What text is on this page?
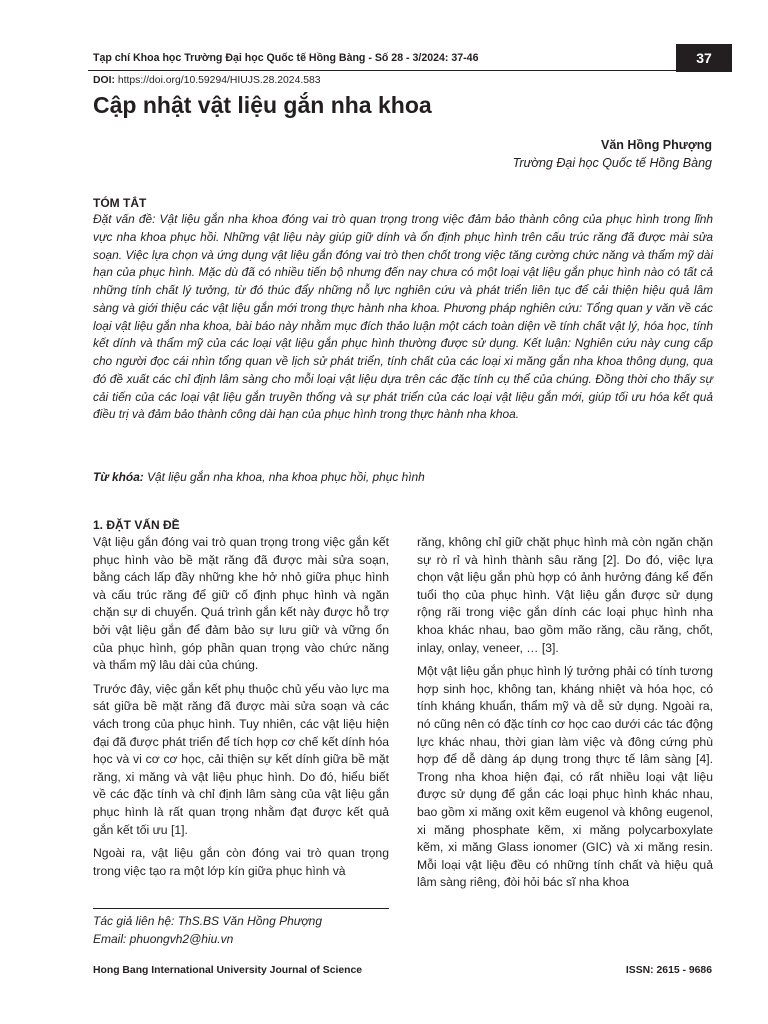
Tạp chí Khoa học Trường Đại học Quốc tế Hồng Bàng - Số 28 - 3/2024: 37-46	37
DOI: https://doi.org/10.59294/HIUJS.28.2024.583
Cập nhật vật liệu gắn nha khoa
Văn Hồng Phượng
Trường Đại học Quốc tế Hồng Bàng
TÓM TẮT
Đặt vấn đề: Vật liệu gắn nha khoa đóng vai trò quan trọng trong việc đảm bảo thành công của phục hình trong lĩnh vực nha khoa phục hồi. Những vật liệu này giúp giữ dính và ổn định phục hình trên cấu trúc răng đã được mài sửa soạn. Việc lựa chọn và ứng dụng vật liệu gắn đóng vai trò then chốt trong việc tăng cường chức năng và thẩm mỹ dài hạn của phục hình. Mặc dù đã có nhiều tiến bộ nhưng đến nay chưa có một loại vật liệu gắn phục hình nào có tất cả những tính chất lý tưởng, từ đó thúc đẩy những nỗ lực nghiên cứu và phát triển liên tục để cải thiện hiệu quả lâm sàng và giới thiệu các vật liệu gắn mới trong thực hành nha khoa. Phương pháp nghiên cứu: Tổng quan y văn về các loại vật liệu gắn nha khoa, bài báo này nhằm mục đích thảo luận một cách toàn diện về tính chất vật lý, hóa học, tính kết dính và thẩm mỹ của các loại vật liệu gắn phục hình thường được sử dụng. Kết luận: Nghiên cứu này cung cấp cho người đọc cái nhìn tổng quan về lịch sử phát triển, tính chất của các loại xi măng gắn nha khoa thông dụng, qua đó đề xuất các chỉ định lâm sàng cho mỗi loại vật liệu dựa trên các đặc tính cụ thể của chúng. Đồng thời cho thấy sự cải tiến của các loại vật liệu gắn truyền thống và sự phát triển của các loại vật liệu gắn mới, giúp tối ưu hóa kết quả điều trị và đảm bảo thành công dài hạn của phục hình trong thực hành nha khoa.
Từ khóa: Vật liệu gắn nha khoa, nha khoa phục hồi, phục hình
1. ĐẶT VẤN ĐỀ

Vật liệu gắn đóng vai trò quan trọng trong việc gắn kết phục hình vào bề mặt răng đã được mài sửa soạn, bằng cách lấp đầy những khe hở nhỏ giữa phục hình và cấu trúc răng để giữ cố định phục hình và ngăn chặn sự di chuyển. Quá trình gắn kết này được hỗ trợ bởi vật liệu gắn để đảm bảo sự lưu giữ và vững ổn của phục hình, góp phần quan trọng vào chức năng và thẩm mỹ lâu dài của chúng.

Trước đây, việc gắn kết phụ thuộc chủ yếu vào lực ma sát giữa bề mặt răng đã được mài sửa soạn và các vách trong của phục hình. Tuy nhiên, các vật liệu hiện đại đã được phát triển để tích hợp cơ chế kết dính hóa học và vi cơ cơ học, cải thiện sự kết dính giữa bề mặt răng, xi măng và vật liệu phục hình. Do đó, hiểu biết về các đặc tính và chỉ định lâm sàng của vật liệu gắn phục hình là rất quan trọng nhằm đạt được kết quả gắn kết tối ưu [1].

Ngoài ra, vật liệu gắn còn đóng vai trò quan trọng trong việc tạo ra một lớp kín giữa phục hình và

răng, không chỉ giữ chặt phục hình mà còn ngăn chặn sự rò rỉ và hình thành sâu răng [2]. Do đó, việc lựa chọn vật liệu gắn phù hợp có ảnh hưởng đáng kể đến tuổi thọ của phục hình. Vật liệu gắn được sử dụng rộng rãi trong việc gắn dính các loại phục hình nha khoa khác nhau, bao gồm mão răng, cầu răng, chốt, inlay, onlay, veneer, … [3].

Một vật liệu gắn phục hình lý tưởng phải có tính tương hợp sinh học, không tan, kháng nhiệt và hóa học, có tính kháng khuẩn, thẩm mỹ và dễ sử dụng. Ngoài ra, nó cũng nên có đặc tính cơ học cao dưới các tác động lực khác nhau, thời gian làm việc và đông cứng phù hợp để dễ dàng áp dụng trong thực tế lâm sàng [4]. Trong nha khoa hiện đại, có rất nhiều loại vật liệu được sử dụng để gắn các loại phục hình khác nhau, bao gồm xi măng oxit kẽm eugenol và không eugenol, xi măng phosphate kẽm, xi măng polycarboxylate kẽm, xi măng Glass ionomer (GIC) và xi măng resin. Mỗi loại vật liệu đều có những tính chất và hiệu quả lâm sàng riêng, đòi hỏi bác sĩ nha khoa

Tác giả liên hệ: ThS.BS Văn Hồng Phượng
Email: phuongvh2@hiu.vn
Hong Bang International University Journal of Science	ISSN: 2615 - 9686
